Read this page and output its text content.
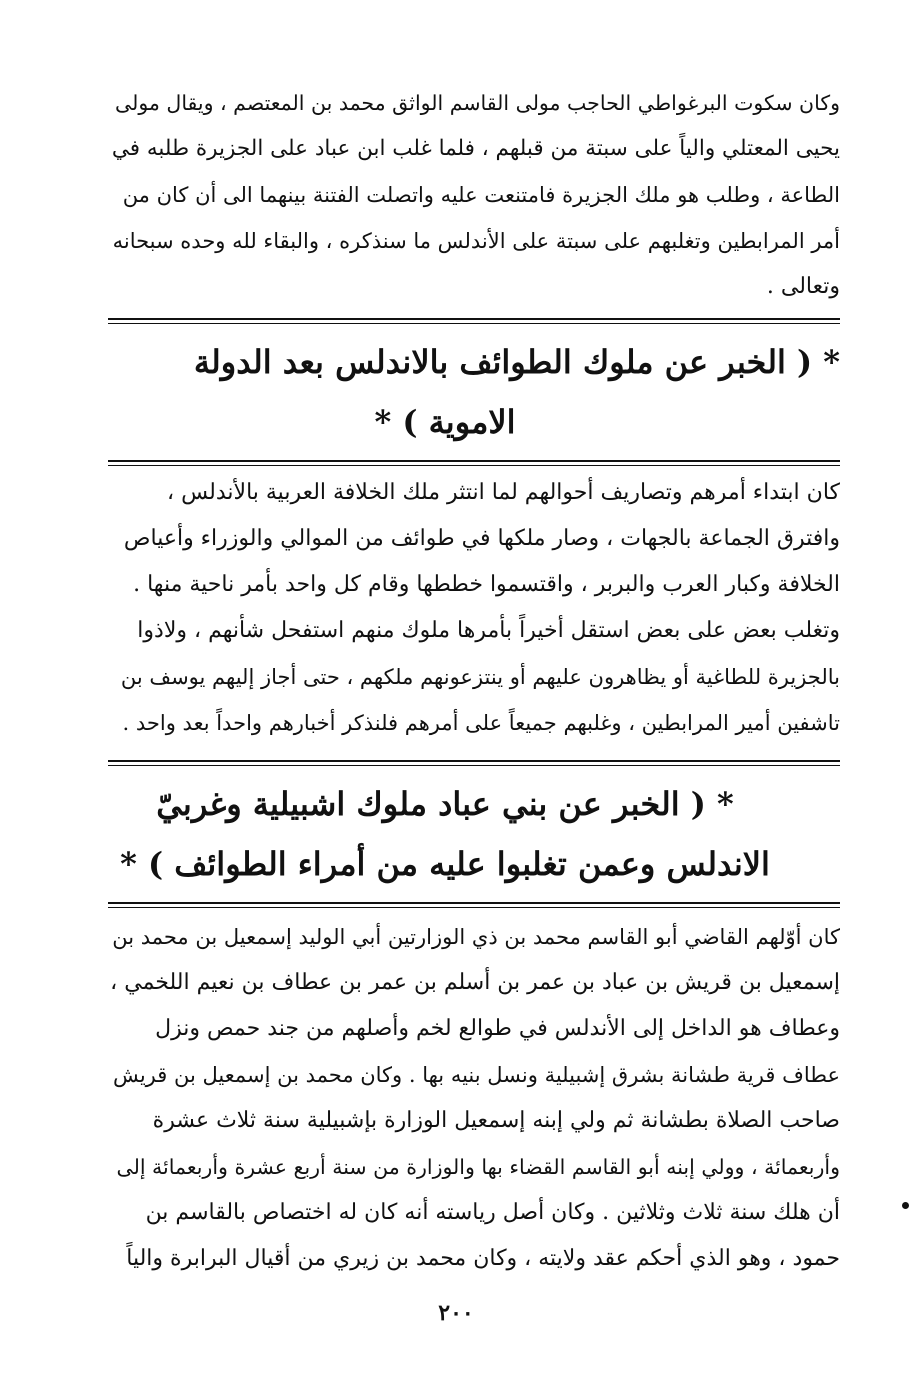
وكان سكوت البرغواطي الحاجب مولى القاسم الواثق محمد بن المعتصم ، ويقال مولى
يحيى المعتلي والياً على سبتة من قبلهم ، فلما غلب ابن عباد على الجزيرة طلبه في
الطاعة ، وطلب هو ملك الجزيرة فامتنعت عليه واتصلت الفتنة بينهما الى أن كان من
أمر المرابطين وتغلبهم على سبتة على الأندلس ما سنذكره ، والبقاء لله وحده سبحانه
وتعالى .
* ( الخبر عن ملوك الطوائف بالاندلس بعد الدولة
الاموية ) *
كان ابتداء أمرهم وتصاريف أحوالهم لما انتثر ملك الخلافة العربية بالأندلس ،
وافترق الجماعة بالجهات ، وصار ملكها في طوائف من الموالي والوزراء وأعياص
الخلافة وكبار العرب والبربر ، واقتسموا خططها وقام كل واحد بأمر ناحية منها .
وتغلب بعض على بعض استقل أخيراً بأمرها ملوك منهم استفحل شأنهم ، ولاذوا
بالجزيرة للطاغية أو يظاهرون عليهم أو ينتزعونهم ملكهم ، حتى أجاز إليهم يوسف بن
تاشفين أمير المرابطين ، وغلبهم جميعاً على أمرهم فلنذكر أخبارهم واحداً بعد واحد .
* ( الخبر عن بني عباد ملوك اشبيلية وغربيّ
الاندلس وعمن تغلبوا عليه من أمراء الطوائف ) *
كان أوّلهم القاضي أبو القاسم محمد بن ذي الوزارتين أبي الوليد إسمعيل بن محمد بن
إسمعيل بن قريش بن عباد بن عمر بن أسلم بن عمر بن عطاف بن نعيم اللخمي ،
وعطاف هو الداخل إلى الأندلس في طوالع لخم وأصلهم من جند حمص ونزل
عطاف قرية طشانة بشرق إشبيلية ونسل بنيه بها . وكان محمد بن إسمعيل بن قريش
صاحب الصلاة بطشانة ثم ولي إبنه إسمعيل الوزارة بإشبيلية سنة ثلاث عشرة
وأربعمائة ، وولي إبنه أبو القاسم القضاء بها والوزارة من سنة أربع عشرة وأربعمائة إلى
أن هلك سنة ثلاث وثلاثين . وكان أصل رياسته أنه كان له اختصاص بالقاسم بن
حمود ، وهو الذي أحكم عقد ولايته ، وكان محمد بن زيري من أقيال البرابرة والياً
٢٠٠
